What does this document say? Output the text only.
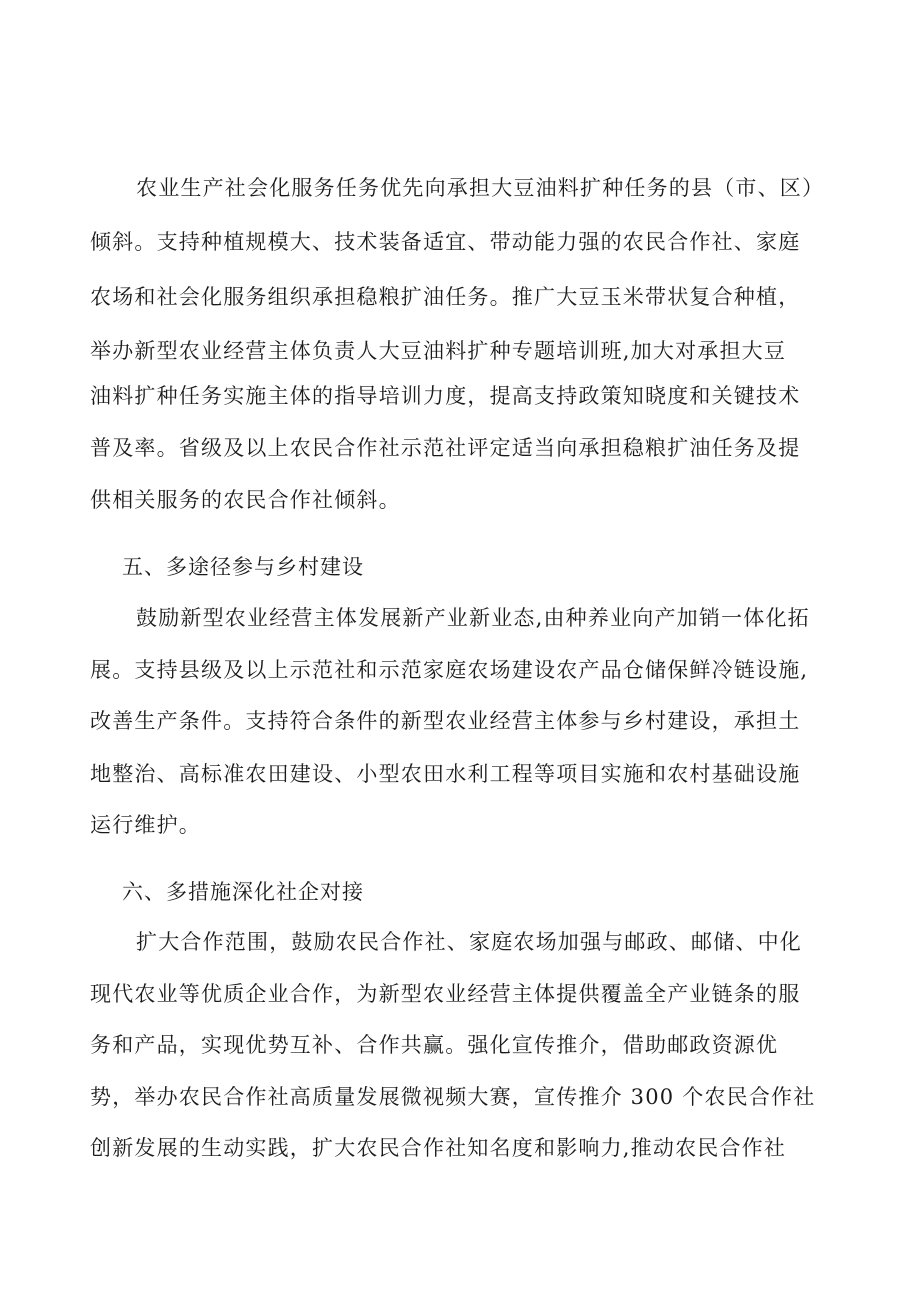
农业生产社会化服务任务优先向承担大豆油料扩种任务的县（市、区）
倾斜。支持种植规模大、技术装备适宜、带动能力强的农民合作社、家庭
农场和社会化服务组织承担稳粮扩油任务。推广大豆玉米带状复合种植，
举办新型农业经营主体负责人大豆油料扩种专题培训班,加大对承担大豆
油料扩种任务实施主体的指导培训力度，提高支持政策知晓度和关键技术
普及率。省级及以上农民合作社示范社评定适当向承担稳粮扩油任务及提
供相关服务的农民合作社倾斜。
五、多途径参与乡村建设
鼓励新型农业经营主体发展新产业新业态,由种养业向产加销一体化拓
展。支持县级及以上示范社和示范家庭农场建设农产品仓储保鲜冷链设施,
改善生产条件。支持符合条件的新型农业经营主体参与乡村建设，承担土
地整治、高标准农田建设、小型农田水利工程等项目实施和农村基础设施
运行维护。
六、多措施深化社企对接
扩大合作范围，鼓励农民合作社、家庭农场加强与邮政、邮储、中化
现代农业等优质企业合作，为新型农业经营主体提供覆盖全产业链条的服
务和产品，实现优势互补、合作共赢。强化宣传推介，借助邮政资源优
势，举办农民合作社高质量发展微视频大赛，宣传推介 300 个农民合作社
创新发展的生动实践，扩大农民合作社知名度和影响力,推动农民合作社
